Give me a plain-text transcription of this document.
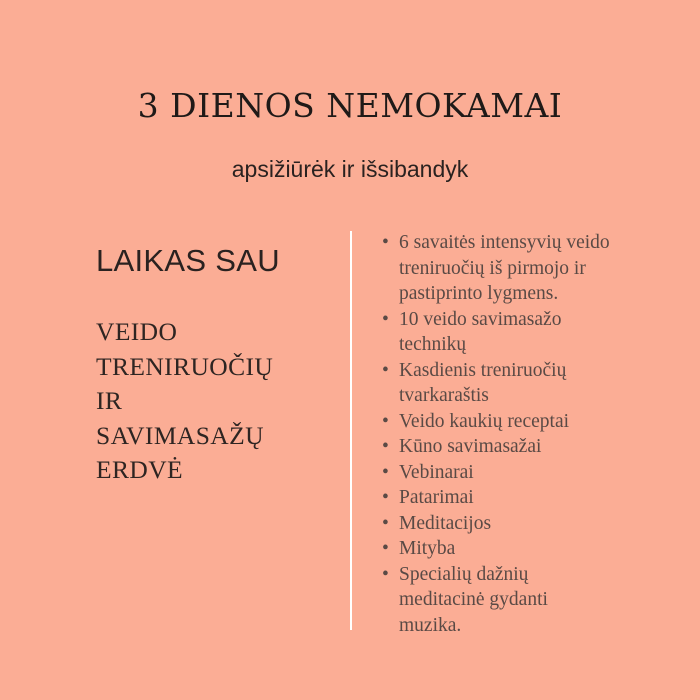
3 DIENOS NEMOKAMAI
apsižiūrėk ir išsibandyk
LAIKAS SAU
VEIDO
TRENIRUOČIŲ
IR
SAVIMASAŽŲ
ERDVĖ
• 6 savaitės intensyvių veido
treniruočių iš pirmojo ir
pastiprinto lygmens.
• 10 veido savimasažo
technikų
• Kasdienis treniruočių
tvarkaraštis
• Veido kaukių receptai
• Kūno savimasažai
• Vebinarai
• Patarimai
• Meditacijos
• Mityba
• Specialių dažnių
meditacinė gydanti
muzika.
